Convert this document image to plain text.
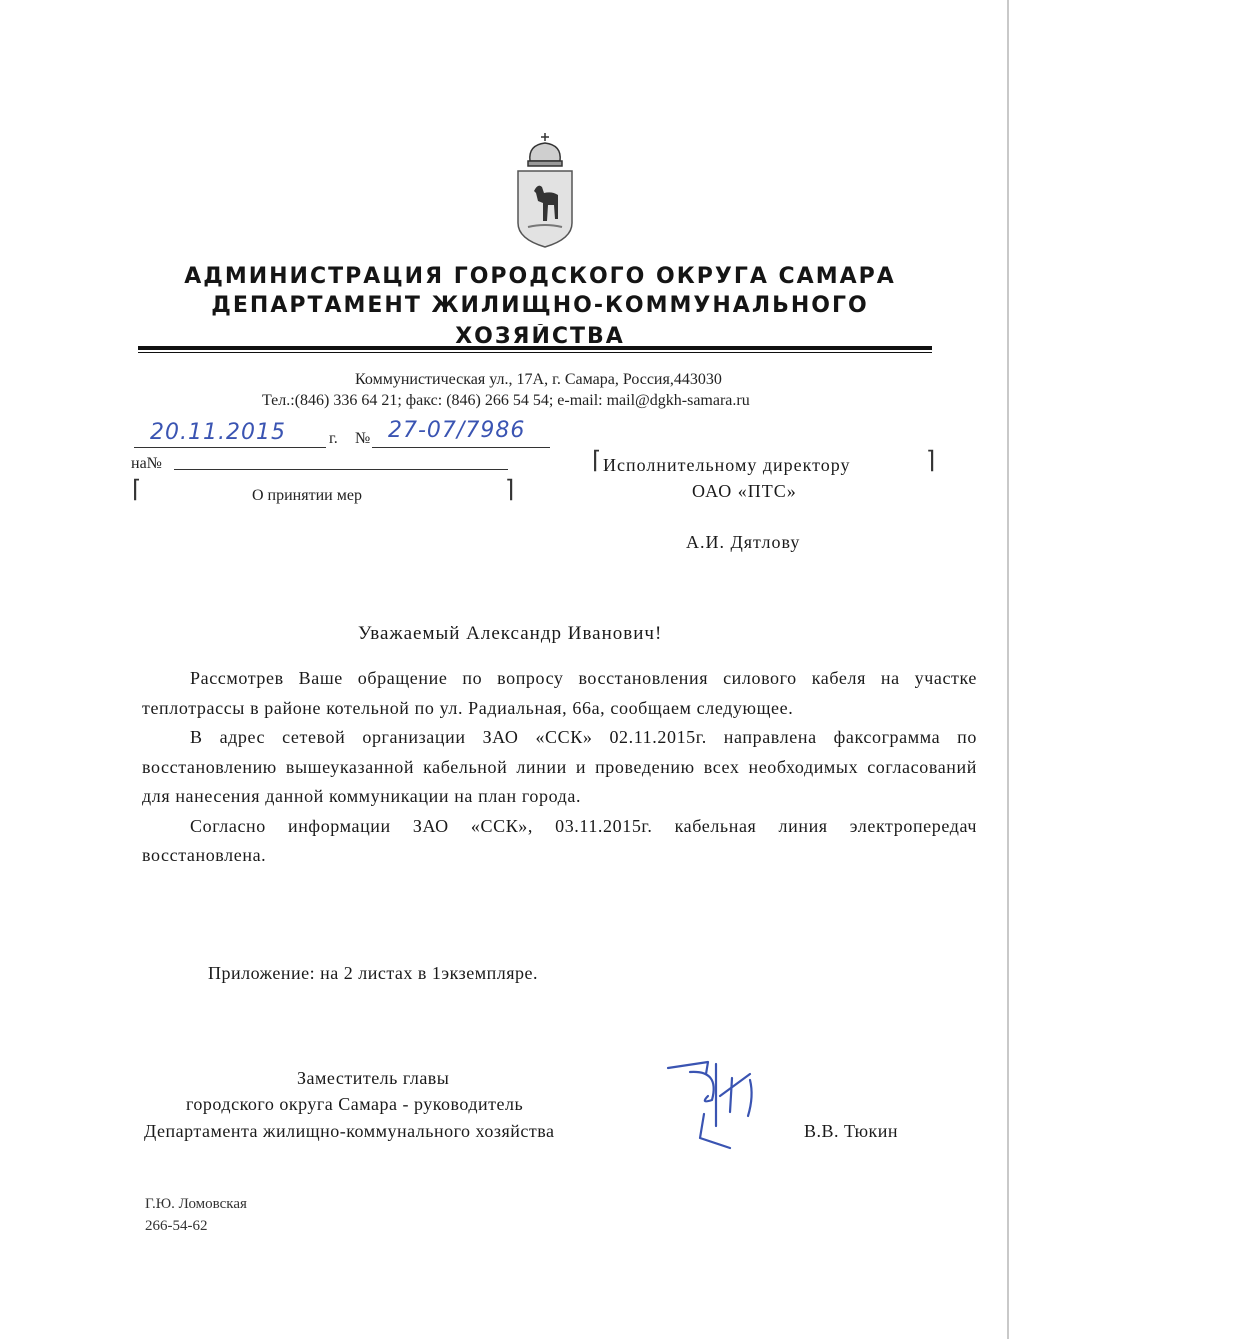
АДМИНИСТРАЦИЯ ГОРОДСКОГО ОКРУГА САМАРА
ДЕПАРТАМЕНТ ЖИЛИЩНО-КОММУНАЛЬНОГО
ХОЗЯЙСТВА
Коммунистическая ул., 17А, г. Самара, Россия,443030
Тел.:(846) 336 64 21; факс: (846) 266 54 54; e-mail: mail@dgkh-samara.ru
20.11.2015	г. № 27-07/7986
на№
⌈	⌉
О принятии мер
⌈	⌉
Исполнительному директору
ОАО «ПТС»
А.И. Дятлову
Уважаемый Александр Иванович!

Рассмотрев Ваше обращение по вопросу восстановления силового кабеля на участке теплотрассы в районе котельной по ул. Радиальная, 66а, сообщаем следующее.

В адрес сетевой организации ЗАО «ССК» 02.11.2015г. направлена факсограмма по восстановлению вышеуказанной кабельной линии и проведению всех необходимых согласований для нанесения данной коммуникации на план города.

Согласно информации ЗАО «ССК», 03.11.2015г. кабельная линия электропередач восстановлена.

Приложение: на 2 листах в 1экземпляре.
Заместитель главы
городского округа Самара - руководитель
Департамента жилищно-коммунального хозяйства	В.В. Тюкин
Г.Ю. Ломовская
266-54-62
